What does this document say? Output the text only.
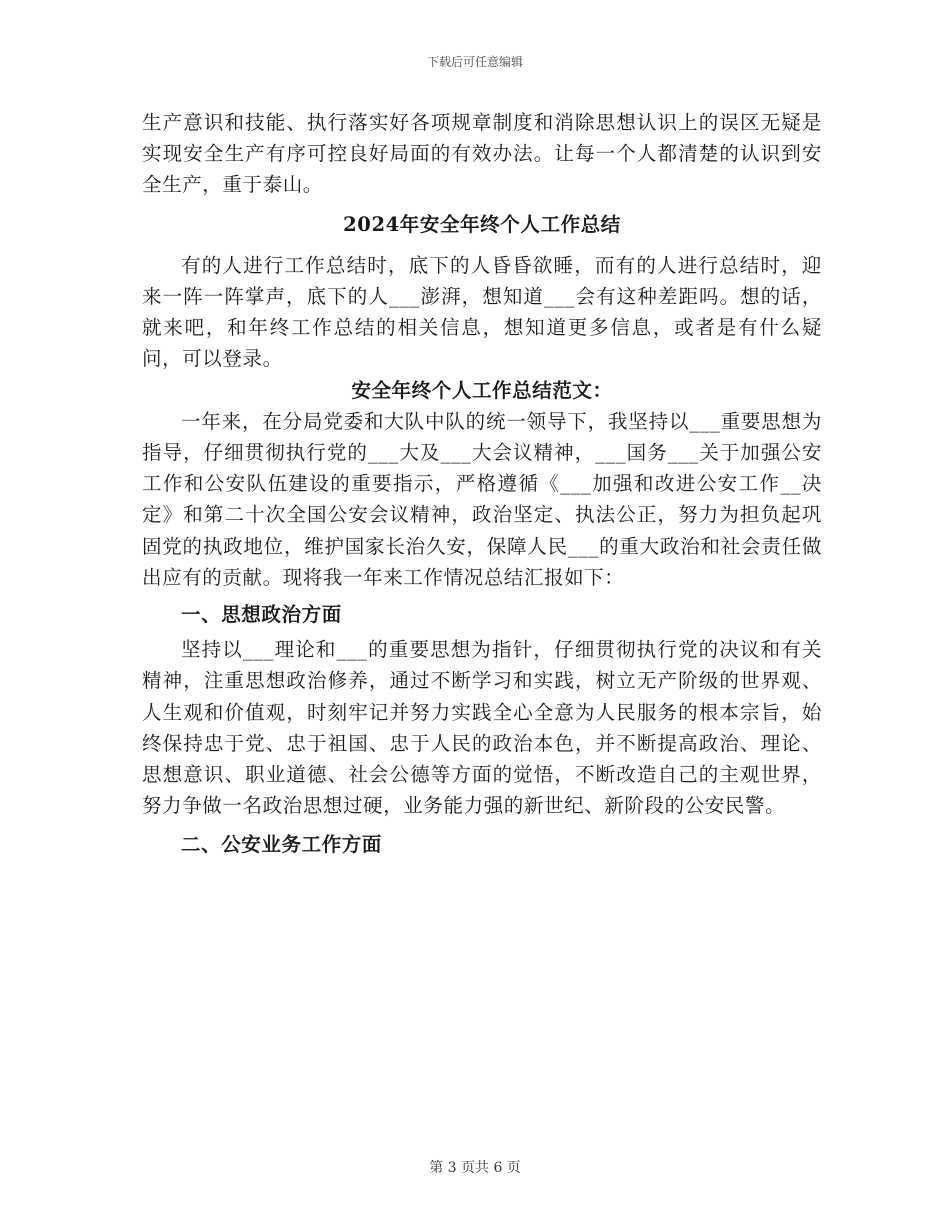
下载后可任意编辑

生产意识和技能、执行落实好各项规章制度和消除思想认识上的误区无疑是实现安全生产有序可控良好局面的有效办法。让每一个人都清楚的认识到安全生产，重于泰山。

2024年安全年终个人工作总结

有的人进行工作总结时，底下的人昏昏欲睡，而有的人进行总结时，迎来一阵一阵掌声，底下的人___澎湃，想知道___会有这种差距吗。想的话，就来吧，和年终工作总结的相关信息，想知道更多信息，或者是有什么疑问，可以登录。

安全年终个人工作总结范文：

一年来，在分局党委和大队中队的统一领导下，我坚持以___重要思想为指导，仔细贯彻执行党的___大及___大会议精神，___国务___关于加强公安工作和公安队伍建设的重要指示，严格遵循《___加强和改进公安工作__决定》和第二十次全国公安会议精神，政治坚定、执法公正，努力为担负起巩固党的执政地位，维护国家长治久安，保障人民___的重大政治和社会责任做出应有的贡献。现将我一年来工作情况总结汇报如下：

一、思想政治方面

坚持以___理论和___的重要思想为指针，仔细贯彻执行党的决议和有关精神，注重思想政治修养，通过不断学习和实践，树立无产阶级的世界观、人生观和价值观，时刻牢记并努力实践全心全意为人民服务的根本宗旨，始终保持忠于党、忠于祖国、忠于人民的政治本色，并不断提高政治、理论、思想意识、职业道德、社会公德等方面的觉悟，不断改造自己的主观世界，努力争做一名政治思想过硬，业务能力强的新世纪、新阶段的公安民警。

二、公安业务工作方面

第 3 页共 6 页
